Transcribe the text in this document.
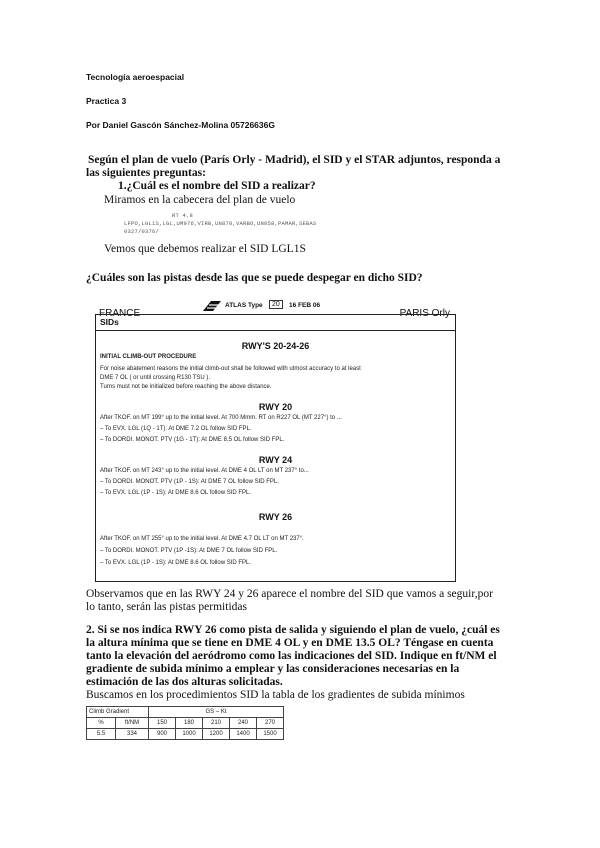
Tecnología aeroespacial
Practica 3
Por Daniel Gascón Sánchez-Molina 05726636G
Según el plan de vuelo (París Orly - Madrid), el SID y el STAR adjuntos, responda a
las siguientes preguntas:
1.¿Cuál es el nombre del SID a realizar?
Miramos en la cabecera del plan de vuelo
RT 4.8
LFPO,LGL1S,LGL,UM976,VIRB,UN870,VARBO,UN858,PAMAR,SEBAS
0327/0376/
Vemos que debemos realizar el SID LGL1S
¿Cuáles son las pistas desde las que se puede despegar en dicho SID?
FRANCE
ATLAS Type	20	16 FEB 06
PARIS Orly
SIDs
RWY'S 20-24-26
INITIAL CLIMB-OUT PROCEDURE
For noise abatement reasons the initial climb-out shall be followed with utmost accuracy to at least
DME 7 OL ( or until crossing R130 TSU ).
Turns must not be initialized before reaching the above distance.
RWY 20
After TKOF. on MT 199° up to the initial level. At 700 Mmm. RT on R227 OL (MT 227°) to ...
– To EVX. LGL (1Q - 1T): At DME 7.2 OL follow SID FPL.
– To DORDI. MONOT. PTV (1G - 1T): At DME 8.5 OL follow SID FPL.
RWY 24
After TKOF. on MT 243° up to the initial level. At DME 4 OL LT on MT 237° to...
– To DORDI. MONOT. PTV (1P - 1S): At DME 7 OL follow SID FPL.
– To EVX. LGL (1P - 1S): At DME 8.6 OL follow SID FPL.
RWY 26
After TKOF. on MT 255° up to the initial level. At DME 4.7 OL LT on MT 237°.
– To DORDI. MONOT. PTV (1P -1S): At DME 7 OL follow SID FPL.
– To EVX. LGL (1P - 1S): At DME 8.6 OL follow SID FPL.
Observamos que en las RWY 24 y 26 aparece el nombre del SID que vamos a seguir,por
lo tanto, serán las pistas permitidas
2. Si se nos indica RWY 26 como pista de salida y siguiendo el plan de vuelo, ¿cuál es
la altura mínima que se tiene en DME 4 OL y en DME 13.5 OL? Téngase en cuenta
tanto la elevación del aeródromo como las indicaciones del SID. Indique en ft/NM el
gradiente de subida mínimo a emplear y las consideraciones necesarias en la
estimación de las dos alturas solicitadas.
Buscamos en los procedimientos SID la tabla de los gradientes de subida mínimos
Climb Gradient		GS – Kt				
%	ft/NM	150	180	210	240	270
5.5	334	900	1000	1200	1400	1500
